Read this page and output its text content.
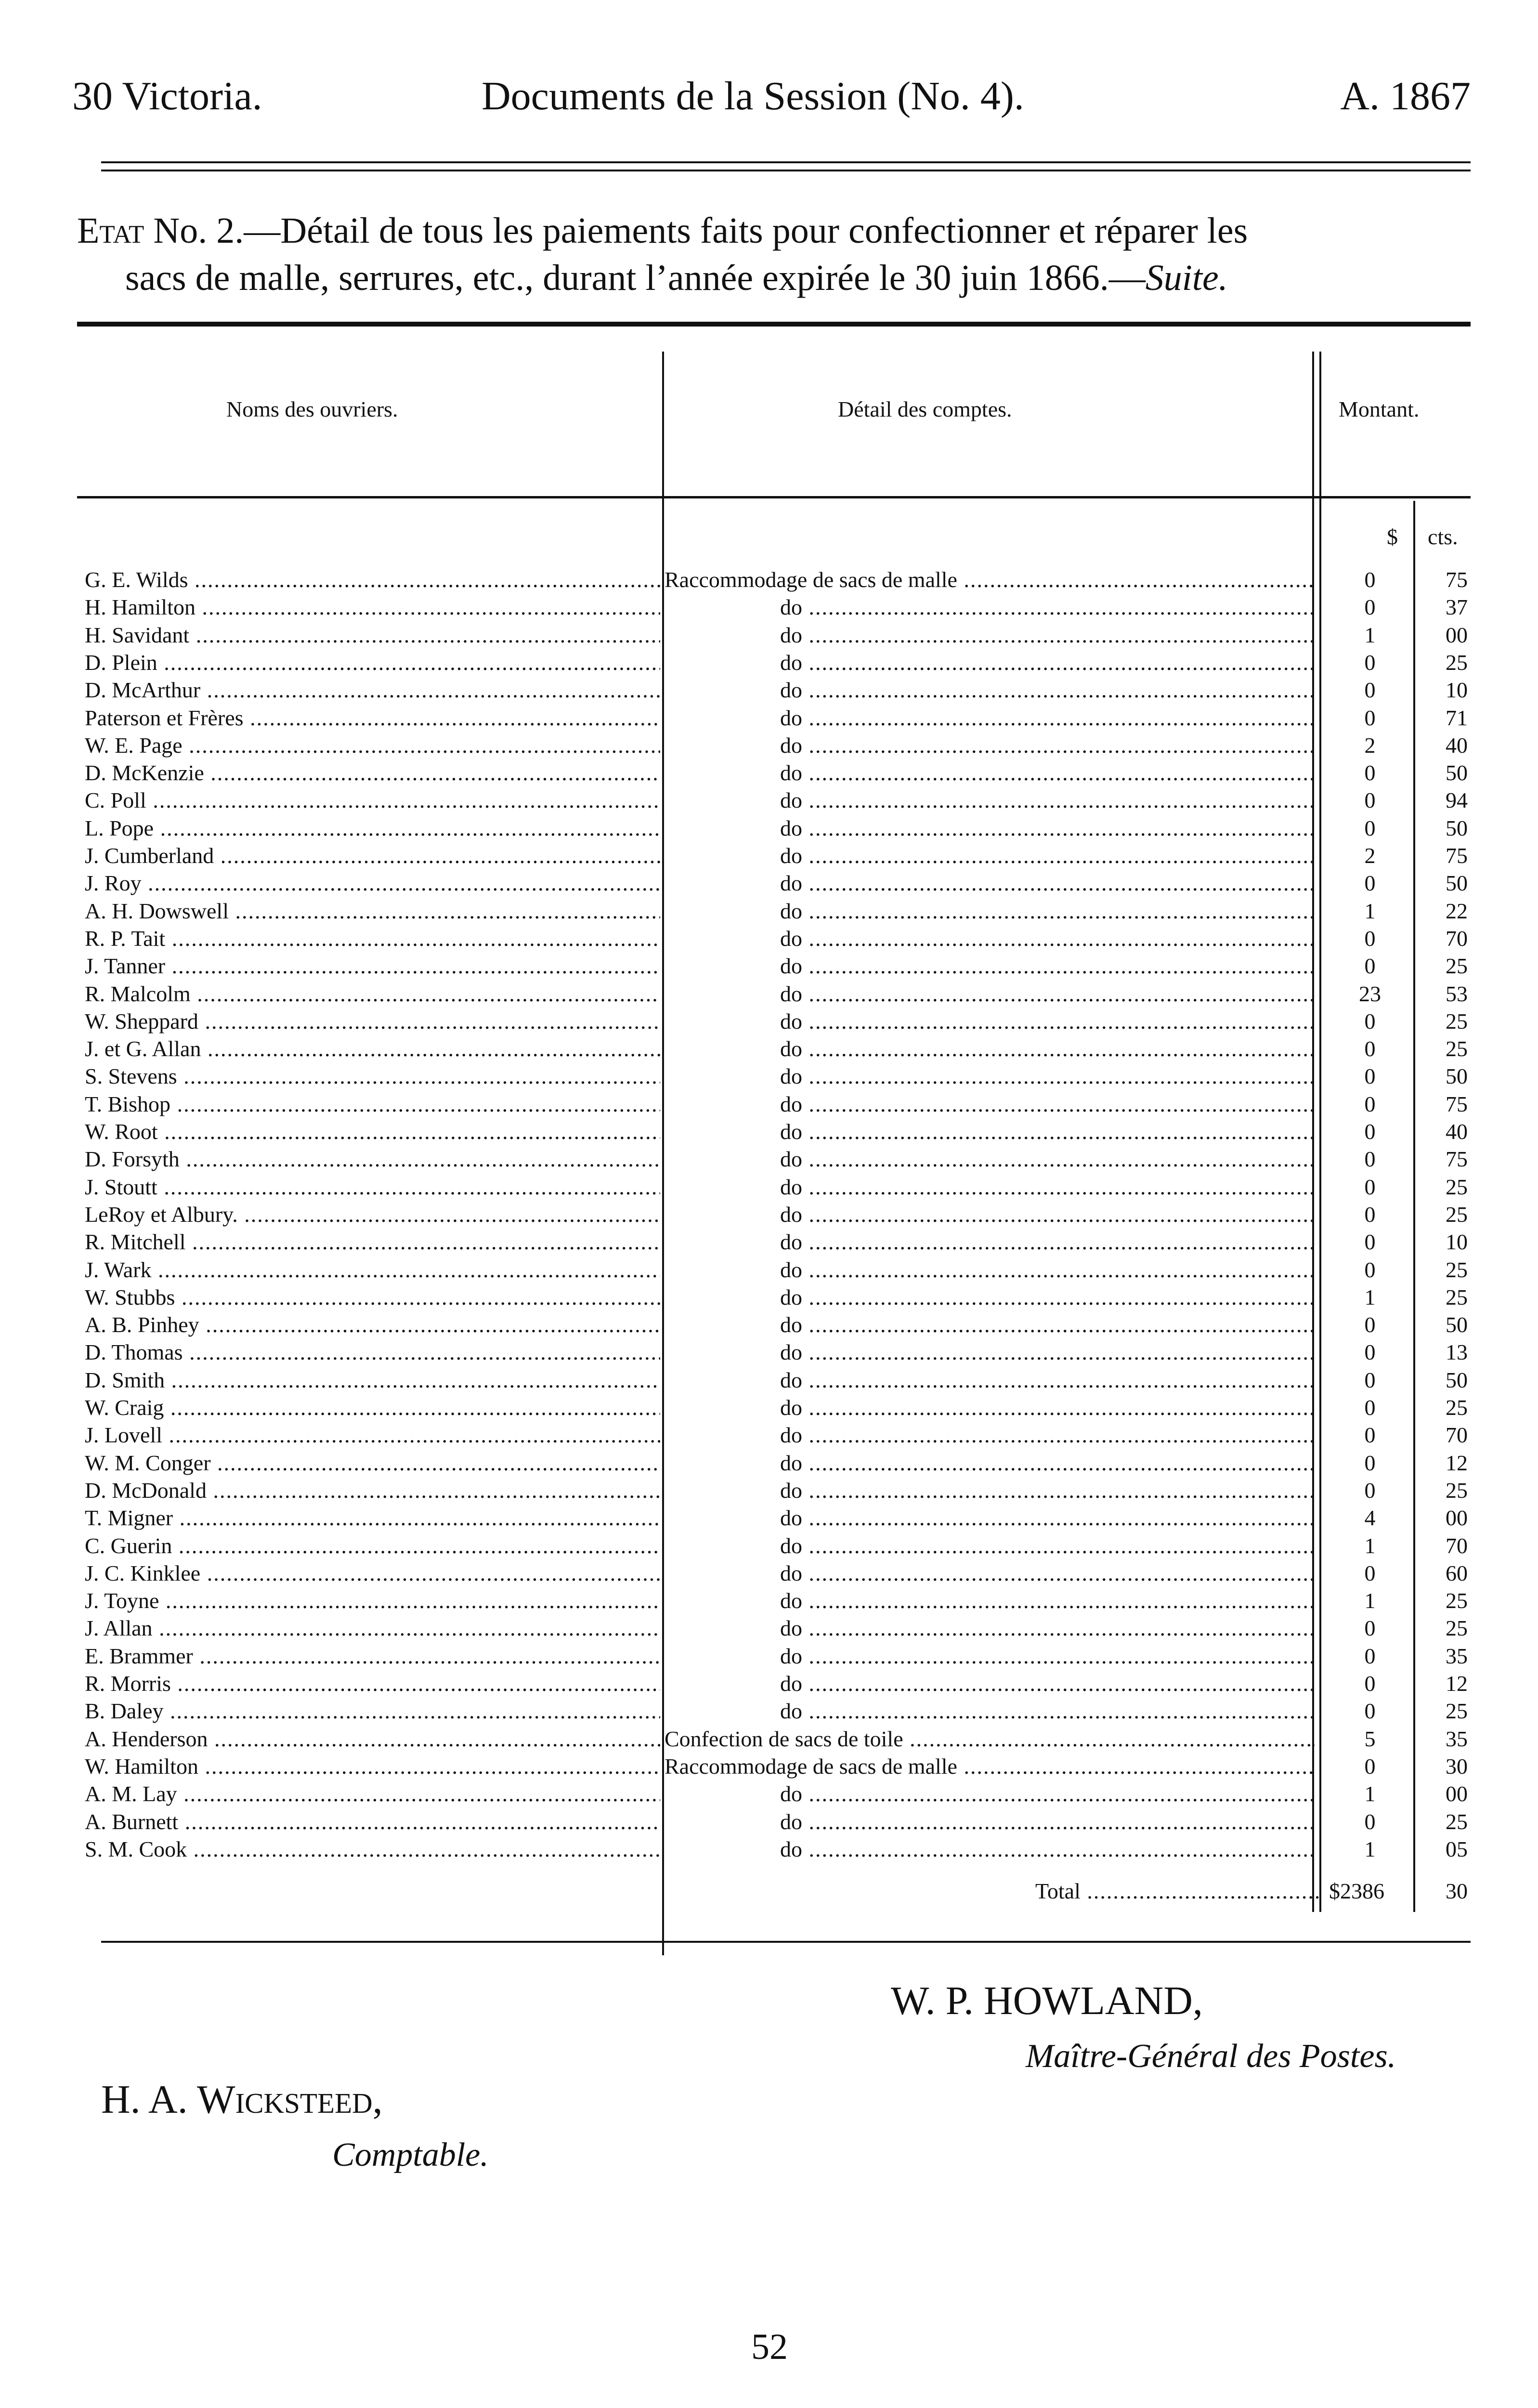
30 Victoria.	Documents de la Session (No. 4).	A. 1867
Etat No. 2.—Détail de tous les paiements faits pour confectionner et réparer les
sacs de malle, serrures, etc., durant l’année expirée le 30 juin 1866.—Suite.
Noms des ouvriers.	Détail des comptes.	Montant.
$ cts.
G. E. Wilds .....	Raccommodage de sacs de malle .....	0	75
H. Hamilton .....	do .....	0	37
H. Savidant .....	do .....	1	00
D. Plein .....	do .....	0	25
D. McArthur .....	do .....	0	10
Paterson et Frères .....	do .....	0	71
W. E. Page .....	do .....	2	40
D. McKenzie .....	do .....	0	50
C. Poll .....	do .....	0	94
L. Pope .....	do .....	0	50
J. Cumberland .....	do .....	2	75
J. Roy .....	do .....	0	50
A. H. Dowswell .....	do .....	1	22
R. P. Tait .....	do .....	0	70
J. Tanner .....	do .....	0	25
R. Malcolm .....	do .....	23	53
W. Sheppard .....	do .....	0	25
J. et G. Allan .....	do .....	0	25
S. Stevens .....	do .....	0	50
T. Bishop .....	do .....	0	75
W. Root .....	do .....	0	40
D. Forsyth .....	do .....	0	75
J. Stoutt .....	do .....	0	25
LeRoy et Albury. .....	do .....	0	25
R. Mitchell .....	do .....	0	10
J. Wark .....	do .....	0	25
W. Stubbs .....	do .....	1	25
A. B. Pinhey .....	do .....	0	50
D. Thomas .....	do .....	0	13
D. Smith .....	do .....	0	50
W. Craig .....	do .....	0	25
J. Lovell .....	do .....	0	70
W. M. Conger .....	do .....	0	12
D. McDonald .....	do .....	0	25
T. Migner .....	do .....	4	00
C. Guerin .....	do .....	1	70
J. C. Kinklee .....	do .....	0	60
J. Toyne .....	do .....	1	25
J. Allan .....	do .....	0	25
E. Brammer .....	do .....	0	35
R. Morris .....	do .....	0	12
B. Daley .....	do .....	0	25
A. Henderson .....	Confection de sacs de toile .....	5	35
W. Hamilton .....	Raccommodage de sacs de malle .....	0	30
A. M. Lay .....	do .....	1	00
A. Burnett .....	do .....	0	25
S. M. Cook .....	do .....	1	05
Total .....	$2386	30
W. P. HOWLAND,
Maître-Général des Postes.
H. A. Wicksteed,
Comptable.
52
